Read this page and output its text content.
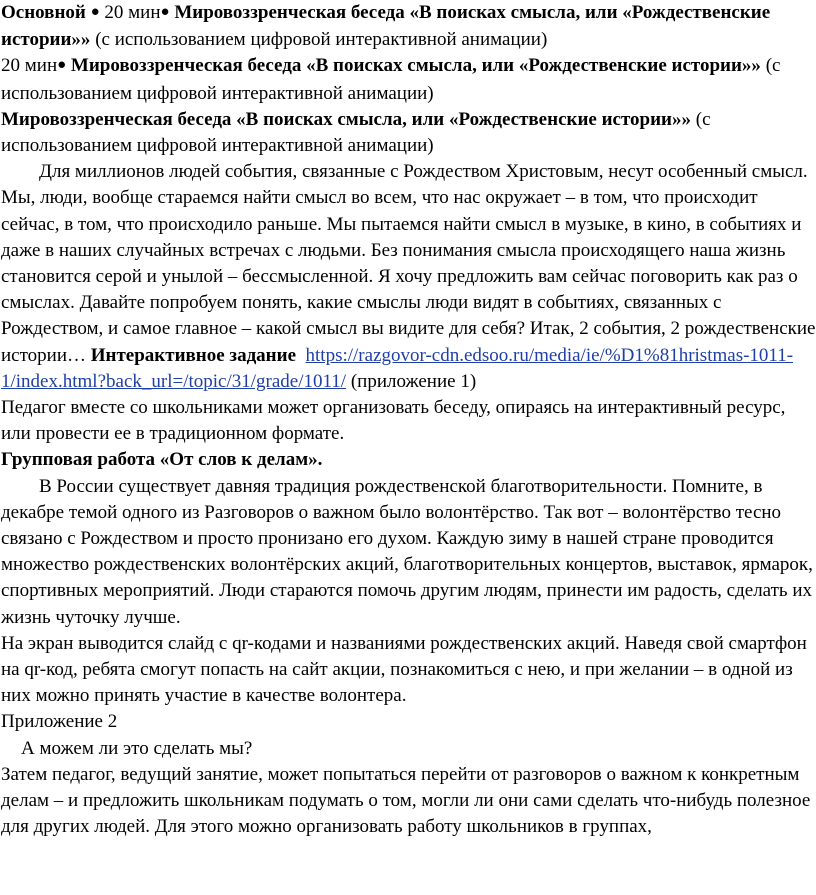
Основной ● 20 мин● Мировоззренческая беседа «В поисках смысла, или «Рождественские истории»» (с использованием цифровой интерактивной анимации)

20 мин● Мировоззренческая беседа «В поисках смысла, или «Рождественские истории»» (с использованием цифровой интерактивной анимации)

Мировоззренческая беседа «В поисках смысла, или «Рождественские истории»» (с использованием цифровой интерактивной анимации)

Для миллионов людей события, связанные с Рождеством Христовым, несут особенный смысл. Мы, люди, вообще стараемся найти смысл во всем, что нас окружает – в том, что происходит сейчас, в том, что происходило раньше. Мы пытаемся найти смысл в музыке, в кино, в событиях и даже в наших случайных встречах с людьми. Без понимания смысла происходящего наша жизнь становится серой и унылой – бессмысленной. Я хочу предложить вам сейчас поговорить как раз о смыслах. Давайте попробуем понять, какие смыслы люди видят в событиях, связанных с Рождеством, и самое главное – какой смысл вы видите для себя? Итак, 2 события, 2 рождественские истории… Интерактивное задание https://razgovor-cdn.edsoo.ru/media/ie/%D1%81hristmas-1011-1/index.html?back_url=/topic/31/grade/1011/ (приложение 1)

Педагог вместе со школьниками может организовать беседу, опираясь на интерактивный ресурс, или провести ее в традиционном формате.

Групповая работа «От слов к делам».

В России существует давняя традиция рождественской благотворительности. Помните, в декабре темой одного из Разговоров о важном было волонтёрство. Так вот – волонтёрство тесно связано с Рождеством и просто пронизано его духом. Каждую зиму в нашей стране проводится множество рождественских волонтёрских акций, благотворительных концертов, выставок, ярмарок, спортивных мероприятий. Люди стараются помочь другим людям, принести им радость, сделать их жизнь чуточку лучше.

На экран выводится слайд с qr-кодами и названиями рождественских акций. Наведя свой смартфон на qr-код, ребята смогут попасть на сайт акции, познакомиться с нею, и при желании – в одной из них можно принять участие в качестве волонтера.

Приложение 2

А можем ли это сделать мы?

Затем педагог, ведущий занятие, может попытаться перейти от разговоров о важном к конкретным делам – и предложить школьникам подумать о том, могли ли они сами сделать что-нибудь полезное для других людей. Для этого можно организовать работу школьников в группах,
